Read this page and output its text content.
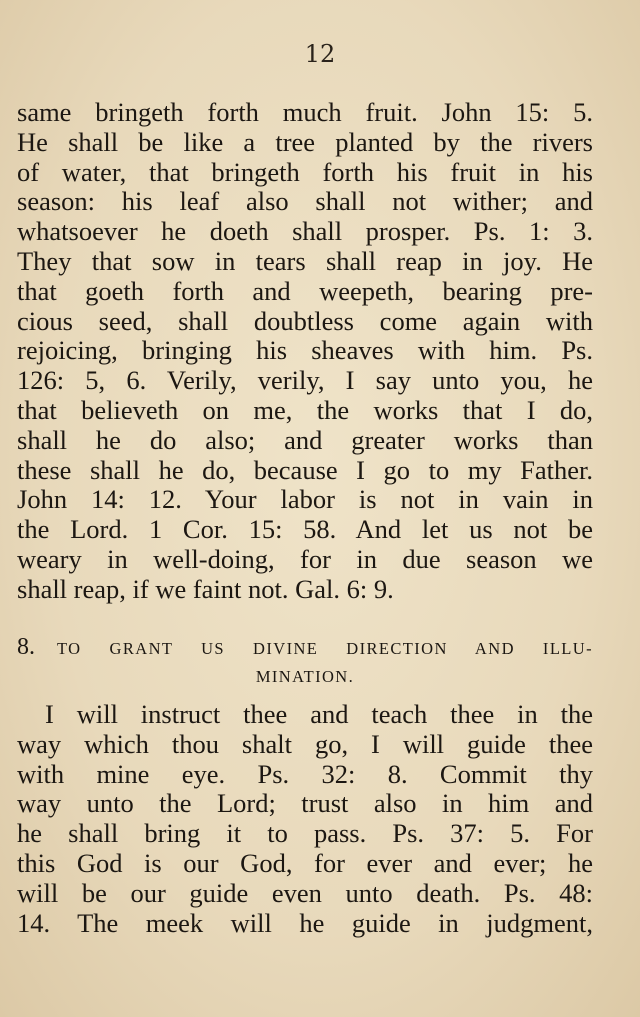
12
same bringeth forth much fruit. John 15: 5.
He shall be like a tree planted by the rivers
of water, that bringeth forth his fruit in his
season: his leaf also shall not wither; and
whatsoever he doeth shall prosper. Ps. 1: 3.
They that sow in tears shall reap in joy. He
that goeth forth and weepeth, bearing pre-
cious seed, shall doubtless come again with
rejoicing, bringing his sheaves with him. Ps.
126: 5, 6. Verily, verily, I say unto you, he
that believeth on me, the works that I do,
shall he do also; and greater works than
these shall he do, because I go to my Father.
John 14: 12. Your labor is not in vain in
the Lord. 1 Cor. 15: 58. And let us not be
weary in well-doing, for in due season we
shall reap, if we faint not. Gal. 6: 9.
8. TO GRANT US DIVINE DIRECTION AND ILLU-
MINATION.
I will instruct thee and teach thee in the
way which thou shalt go, I will guide thee
with mine eye. Ps. 32: 8. Commit thy
way unto the Lord; trust also in him and
he shall bring it to pass. Ps. 37: 5. For
this God is our God, for ever and ever; he
will be our guide even unto death. Ps. 48:
14. The meek will he guide in judgment,
